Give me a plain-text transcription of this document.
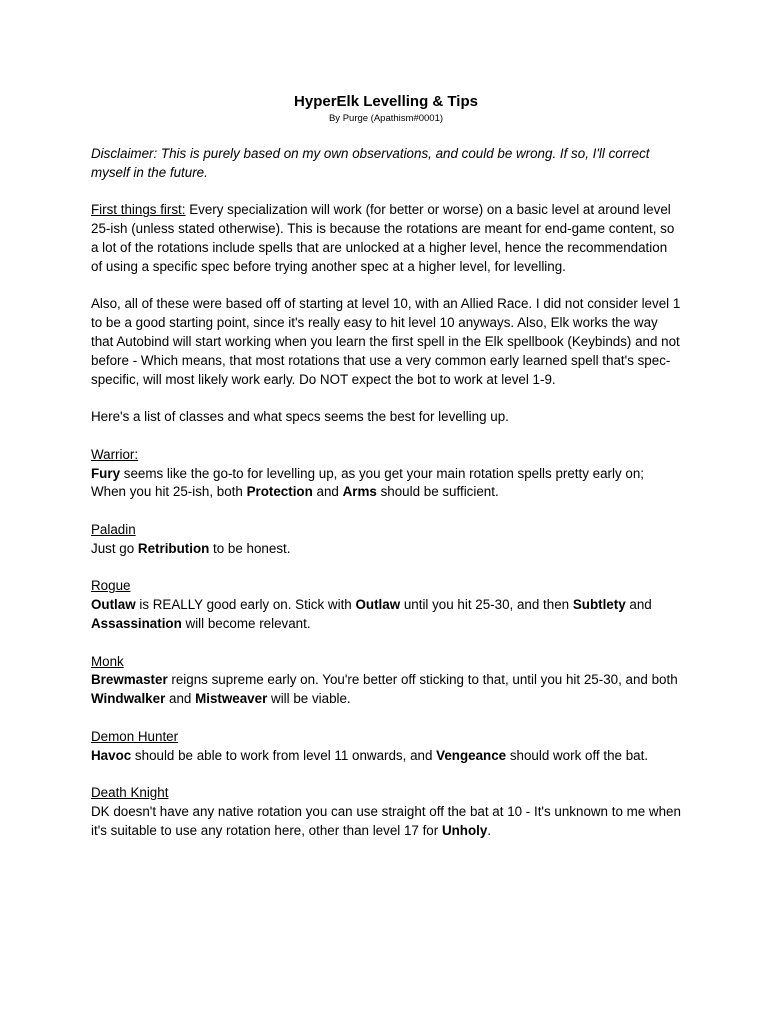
HyperElk Levelling & Tips
By Purge (Apathism#0001)

Disclaimer: This is purely based on my own observations, and could be wrong. If so, I'll correct myself in the future.

First things first: Every specialization will work (for better or worse) on a basic level at around level 25-ish (unless stated otherwise). This is because the rotations are meant for end-game content, so a lot of the rotations include spells that are unlocked at a higher level, hence the recommendation of using a specific spec before trying another spec at a higher level, for levelling.

Also, all of these were based off of starting at level 10, with an Allied Race. I did not consider level 1 to be a good starting point, since it's really easy to hit level 10 anyways. Also, Elk works the way that Autobind will start working when you learn the first spell in the Elk spellbook (Keybinds) and not before - Which means, that most rotations that use a very common early learned spell that's spec-specific, will most likely work early. Do NOT expect the bot to work at level 1-9.

Here's a list of classes and what specs seems the best for levelling up.

Warrior:
Fury seems like the go-to for levelling up, as you get your main rotation spells pretty early on; When you hit 25-ish, both Protection and Arms should be sufficient.
Paladin
Just go Retribution to be honest.
Rogue
Outlaw is REALLY good early on. Stick with Outlaw until you hit 25-30, and then Subtlety and Assassination will become relevant.
Monk
Brewmaster reigns supreme early on. You're better off sticking to that, until you hit 25-30, and both Windwalker and Mistweaver will be viable.
Demon Hunter
Havoc should be able to work from level 11 onwards, and Vengeance should work off the bat.
Death Knight
DK doesn't have any native rotation you can use straight off the bat at 10 - It's unknown to me when it's suitable to use any rotation here, other than level 17 for Unholy.
